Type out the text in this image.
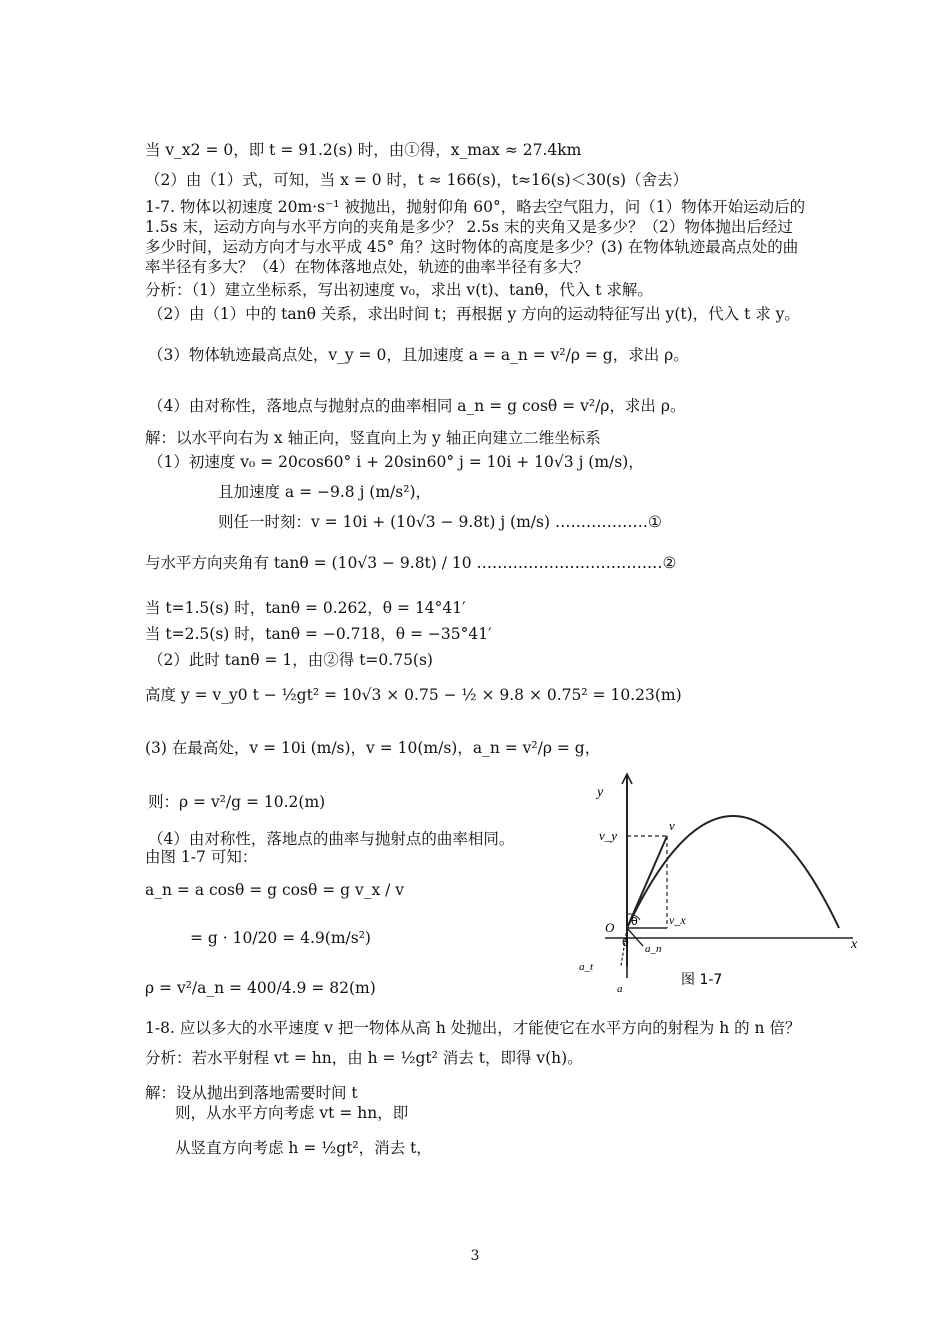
当 v_x2 = 0，即 t = 91.2(s) 时，由①得，x_max ≈ 27.4km
（2）由（1）式，可知，当 x = 0 时，t ≈ 166(s)，t≈16(s)＜30(s)（舍去）
1-7. 物体以初速度 20m·s⁻¹ 被抛出，抛射仰角 60°，略去空气阻力，问（1）物体开始运动后的
1.5s 末，运动方向与水平方向的夹角是多少？ 2.5s 末的夹角又是多少？（2）物体抛出后经过
多少时间，运动方向才与水平成 45° 角？这时物体的高度是多少？(3) 在物体轨迹最高点处的曲
率半径有多大？（4）在物体落地点处，轨迹的曲率半径有多大？
分析：（1）建立坐标系，写出初速度 v₀，求出 v(t)、tanθ，代入 t 求解。
（2）由（1）中的 tanθ 关系，求出时间 t；再根据 y 方向的运动特征写出 y(t)，代入 t 求 y。
（3）物体轨迹最高点处，v_y = 0，且加速度 a = a_n = v²/ρ = g，求出 ρ。
（4）由对称性，落地点与抛射点的曲率相同 a_n = g cosθ = v²/ρ，求出 ρ。
解：以水平向右为 x 轴正向，竖直向上为 y 轴正向建立二维坐标系
（1）初速度 v₀ = 20cos60° i + 20sin60° j = 10i + 10√3 j (m/s)，
且加速度 a = −9.8 j (m/s²)，
则任一时刻：v = 10i + (10√3 − 9.8t) j (m/s) ………………①
与水平方向夹角有 tanθ = (10√3 − 9.8t) / 10 ………………………………②
当 t=1.5(s) 时，tanθ = 0.262，θ = 14°41′
当 t=2.5(s) 时，tanθ = −0.718，θ = −35°41′
（2）此时 tanθ = 1，由②得 t=0.75(s)
高度 y = v_y0 t − ½gt² = 10√3 × 0.75 − ½ × 9.8 × 0.75² = 10.23(m)
(3) 在最高处，v = 10i (m/s)，v = 10(m/s)，a_n = v²/ρ = g，
则：ρ = v²/g = 10.2(m)
（4）由对称性，落地点的曲率与抛射点的曲率相同。
由图 1-7 可知：
a_n = a cosθ = g cosθ = g v_x / v
= g · 10/20 = 4.9(m/s²)
ρ = v²/a_n = 400/4.9 = 82(m)
1-8. 应以多大的水平速度 v 把一物体从高 h 处抛出，才能使它在水平方向的射程为 h 的 n 倍？
分析：若水平射程 vt = hn，由 h = ½gt² 消去 t，即得 v(h)。
解：设从抛出到落地需要时间 t
则，从水平方向考虑 vt = hn，即
从竖直方向考虑 h = ½gt²，消去 t，
y
x
O θ
θ
v
v_y
v_x
a_n
a_t
a
图 1-7
3
